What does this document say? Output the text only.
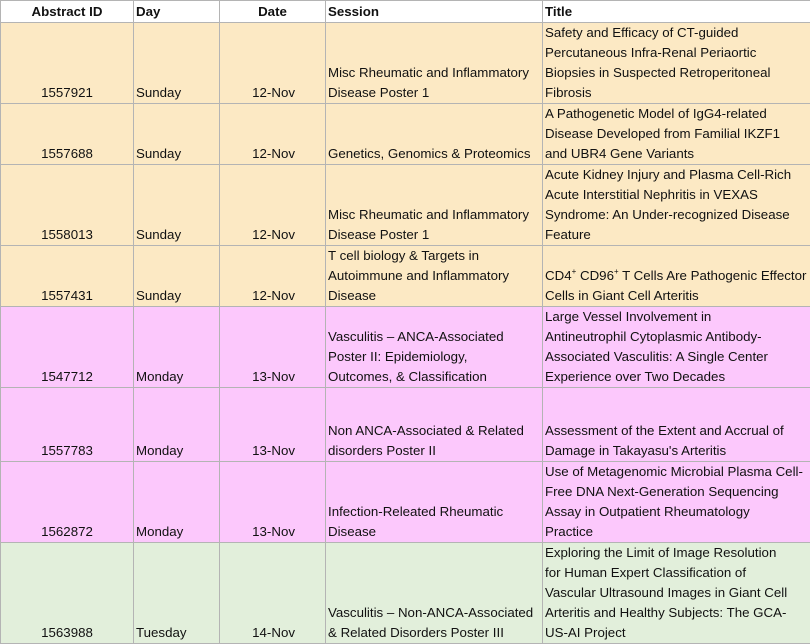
Abstract ID	Day	Date	Session	Title
1557921	Sunday	12-Nov	Misc Rheumatic and Inflammatory
Disease Poster 1	Safety and Efficacy of CT-guided
Percutaneous Infra-Renal Periaortic
Biopsies in Suspected Retroperitoneal
Fibrosis

1557688	Sunday	12-Nov	Genetics, Genomics & Proteomics	A Pathogenetic Model of IgG4-related
Disease Developed from Familial IKZF1
and UBR4 Gene Variants

1558013	Sunday	12-Nov	Misc Rheumatic and Inflammatory
Disease Poster 1	Acute Kidney Injury and Plasma Cell-Rich
Acute Interstitial Nephritis in VEXAS
Syndrome: An Under-recognized Disease
Feature

1557431	Sunday	12-Nov	T cell biology & Targets in
Autoimmune and Inflammatory
Disease	CD4+ CD96+ T Cells Are Pathogenic Effector
Cells in Giant Cell Arteritis

1547712	Monday	13-Nov	Vasculitis – ANCA-Associated
Poster II: Epidemiology,
Outcomes, & Classification	Large Vessel Involvement in
Antineutrophil Cytoplasmic Antibody-
Associated Vasculitis: A Single Center
Experience over Two Decades

1557783	Monday	13-Nov	Non ANCA-Associated & Related
disorders Poster II	Assessment of the Extent and Accrual of
Damage in Takayasu's Arteritis

1562872	Monday	13-Nov	Infection-Releated Rheumatic
Disease	Use of Metagenomic Microbial Plasma Cell-
Free DNA Next-Generation Sequencing
Assay in Outpatient Rheumatology
Practice

1563988	Tuesday	14-Nov	Vasculitis – Non-ANCA-Associated
& Related Disorders Poster III	Exploring the Limit of Image Resolution
for Human Expert Classification of
Vascular Ultrasound Images in Giant Cell
Arteritis and Healthy Subjects: The GCA-
US-AI Project
